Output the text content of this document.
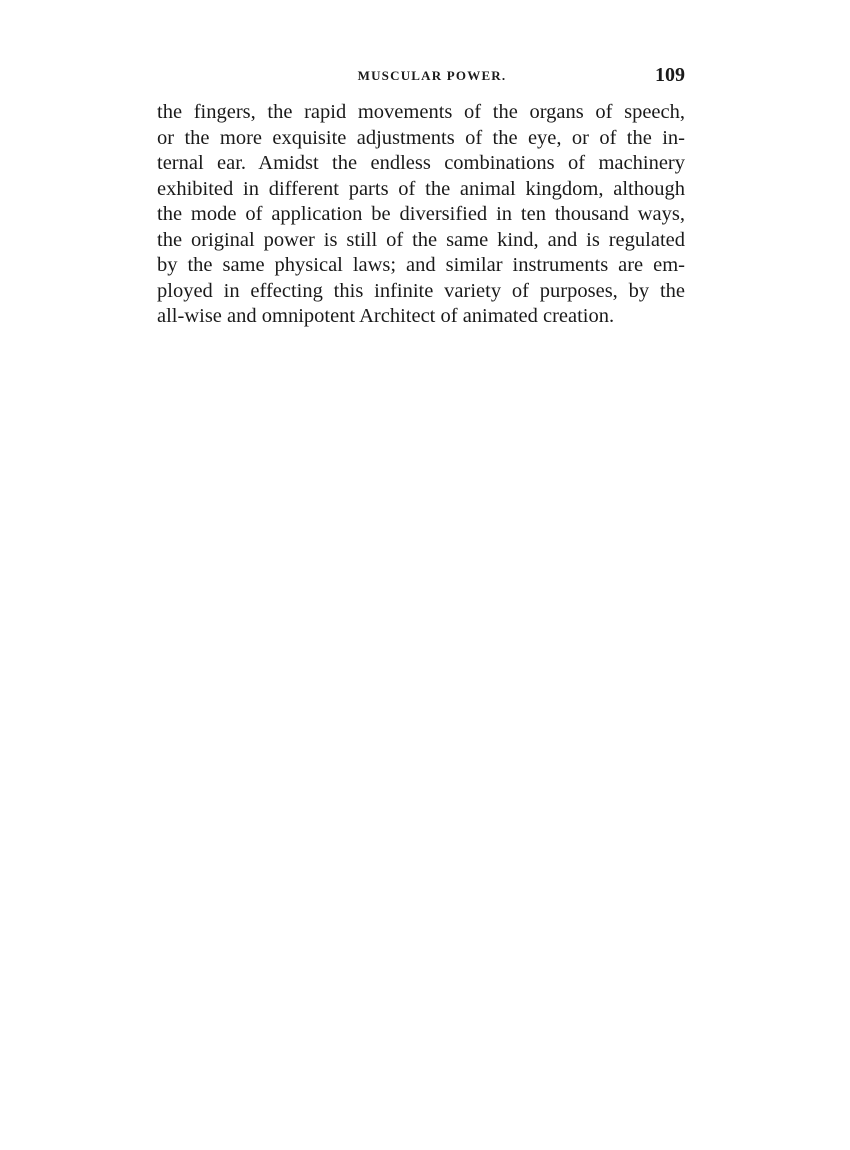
MUSCULAR POWER.	109
the fingers, the rapid movements of the organs of speech,
or the more exquisite adjustments of the eye, or of the in-
ternal ear. Amidst the endless combinations of machinery
exhibited in different parts of the animal kingdom, although
the mode of application be diversified in ten thousand ways,
the original power is still of the same kind, and is regulated
by the same physical laws; and similar instruments are em-
ployed in effecting this infinite variety of purposes, by the
all-wise and omnipotent Architect of animated creation.
